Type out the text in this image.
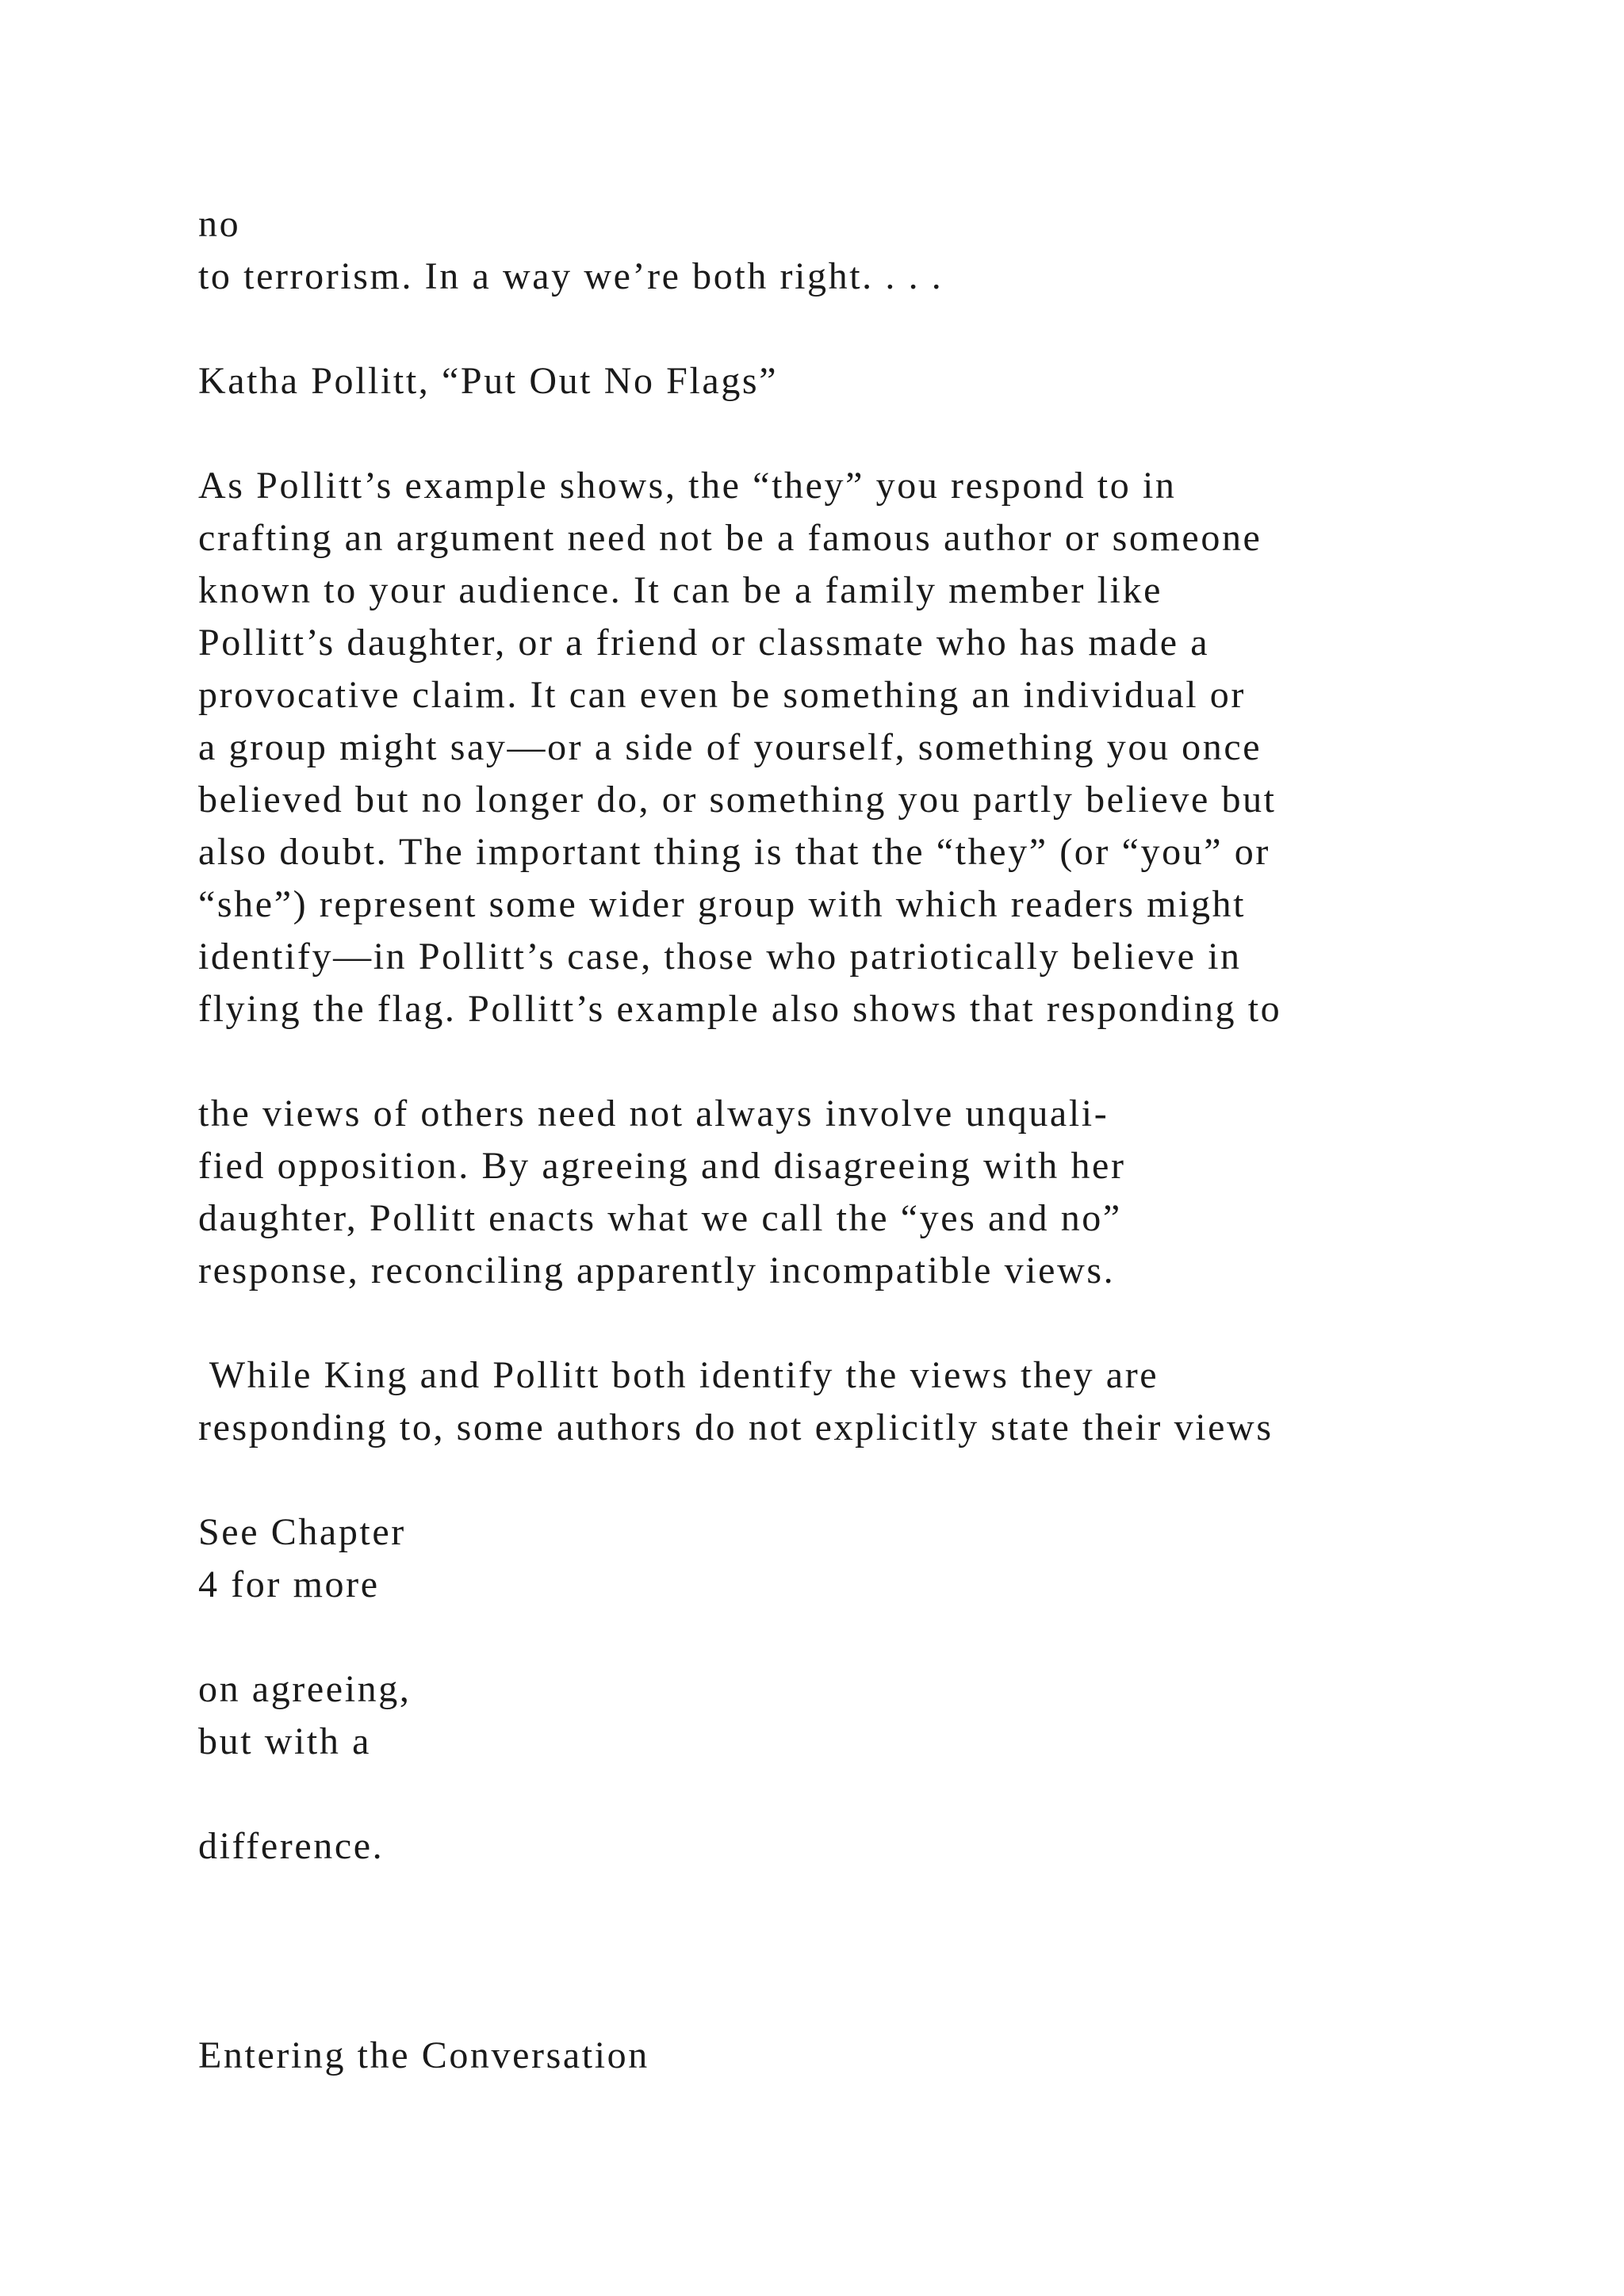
no

to terrorism. In a way we’re both right. . . .

Katha Pollitt, “Put Out No Flags”

As Pollitt’s example shows, the “they” you respond to in

crafting an argument need not be a famous author or someone

known to your audience. It can be a family member like

Pollitt’s daughter, or a friend or classmate who has made a

provocative claim. It can even be something an individual or

a group might say—or a side of yourself, something you once

believed but no longer do, or something you partly believe but

also doubt. The important thing is that the “they” (or “you” or

“she”) represent some wider group with which readers might

identify—in Pollitt’s case, those who patriotically believe in

flying the flag. Pollitt’s example also shows that responding to

the views of others need not always involve unquali-

fied opposition. By agreeing and disagreeing with her

daughter, Pollitt enacts what we call the “yes and no”

response, reconciling apparently incompatible views.

While King and Pollitt both identify the views they are

responding to, some authors do not explicitly state their views

See Chapter

4 for more

on agreeing,

but with a

difference.

Entering the Conversation
